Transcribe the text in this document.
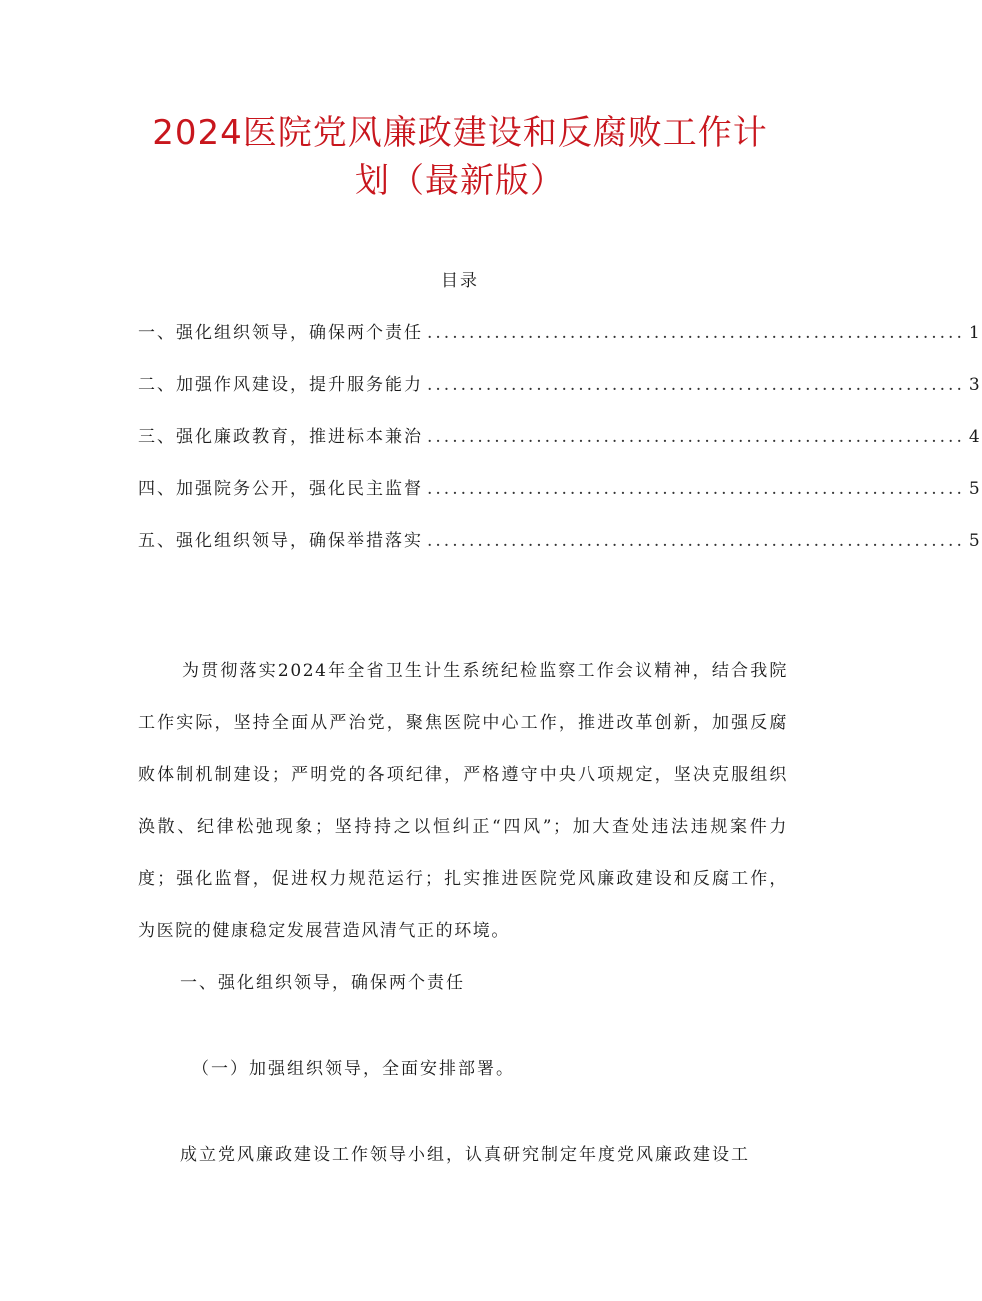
2024医院党风廉政建设和反腐败工作计
划（最新版）
目录
一、强化组织领导，确保两个责任 ................................................................ 1
二、加强作风建设，提升服务能力 ................................................................ 3
三、强化廉政教育，推进标本兼治 ................................................................ 4
四、加强院务公开，强化民主监督 ................................................................ 5
五、强化组织领导，确保举措落实 ................................................................ 5

为贯彻落实2024年全省卫生计生系统纪检监察工作会议精神，结合我院工作实际，坚持全面从严治党，聚焦医院中心工作，推进改革创新，加强反腐败体制机制建设；严明党的各项纪律，严格遵守中央八项规定，坚决克服组织涣散、纪律松弛现象；坚持持之以恒纠正“四风”；加大查处违法违规案件力度；强化监督，促进权力规范运行；扎实推进医院党风廉政建设和反腐工作，为医院的健康稳定发展营造风清气正的环境。

一、强化组织领导，确保两个责任
（一）加强组织领导，全面安排部署。
成立党风廉政建设工作领导小组，认真研究制定年度党风廉政建设工
